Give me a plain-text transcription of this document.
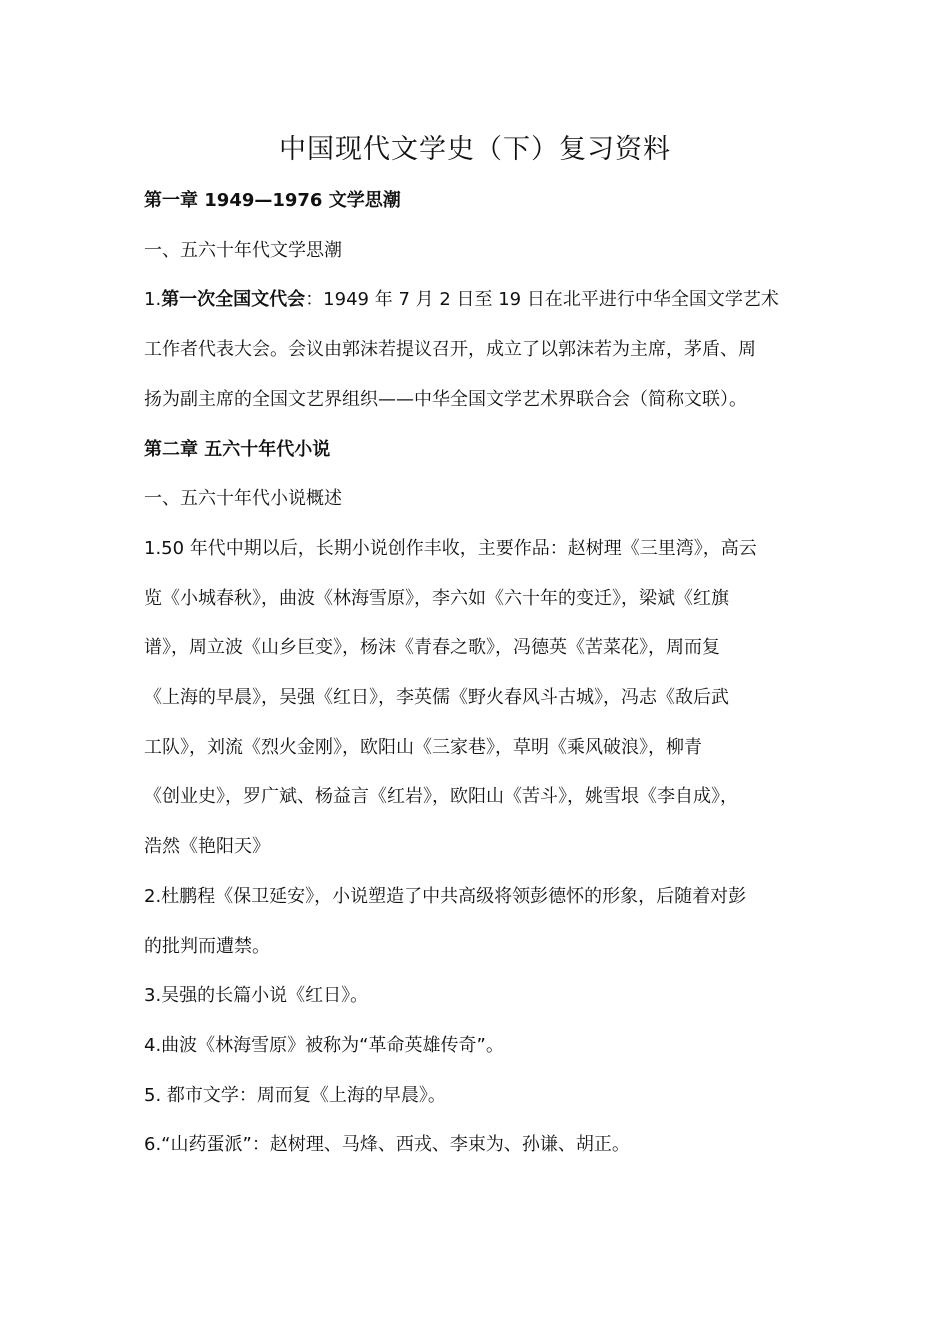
中国现代文学史（下）复习资料

第一章 1949—1976 文学思潮

一、五六十年代文学思潮

1.第一次全国文代会：1949 年 7 月 2 日至 19 日在北平进行中华全国文学艺术

工作者代表大会。会议由郭沫若提议召开，成立了以郭沫若为主席，茅盾、周

扬为副主席的全国文艺界组织——中华全国文学艺术界联合会（简称文联）。

第二章 五六十年代小说

一、五六十年代小说概述

1.50 年代中期以后，长期小说创作丰收，主要作品：赵树理《三里湾》，高云

览《小城春秋》，曲波《林海雪原》，李六如《六十年的变迁》，梁斌《红旗

谱》，周立波《山乡巨变》，杨沫《青春之歌》，冯德英《苦菜花》，周而复

《上海的早晨》，吴强《红日》，李英儒《野火春风斗古城》，冯志《敌后武

工队》，刘流《烈火金刚》，欧阳山《三家巷》，草明《乘风破浪》，柳青

《创业史》，罗广斌、杨益言《红岩》，欧阳山《苦斗》，姚雪垠《李自成》，

浩然《艳阳天》

2.杜鹏程《保卫延安》，小说塑造了中共高级将领彭德怀的形象，后随着对彭

的批判而遭禁。

3.吴强的长篇小说《红日》。

4.曲波《林海雪原》被称为“革命英雄传奇”。

5. 都市文学：周而复《上海的早晨》。

6.“山药蛋派”：赵树理、马烽、西戎、李束为、孙谦、胡正。
